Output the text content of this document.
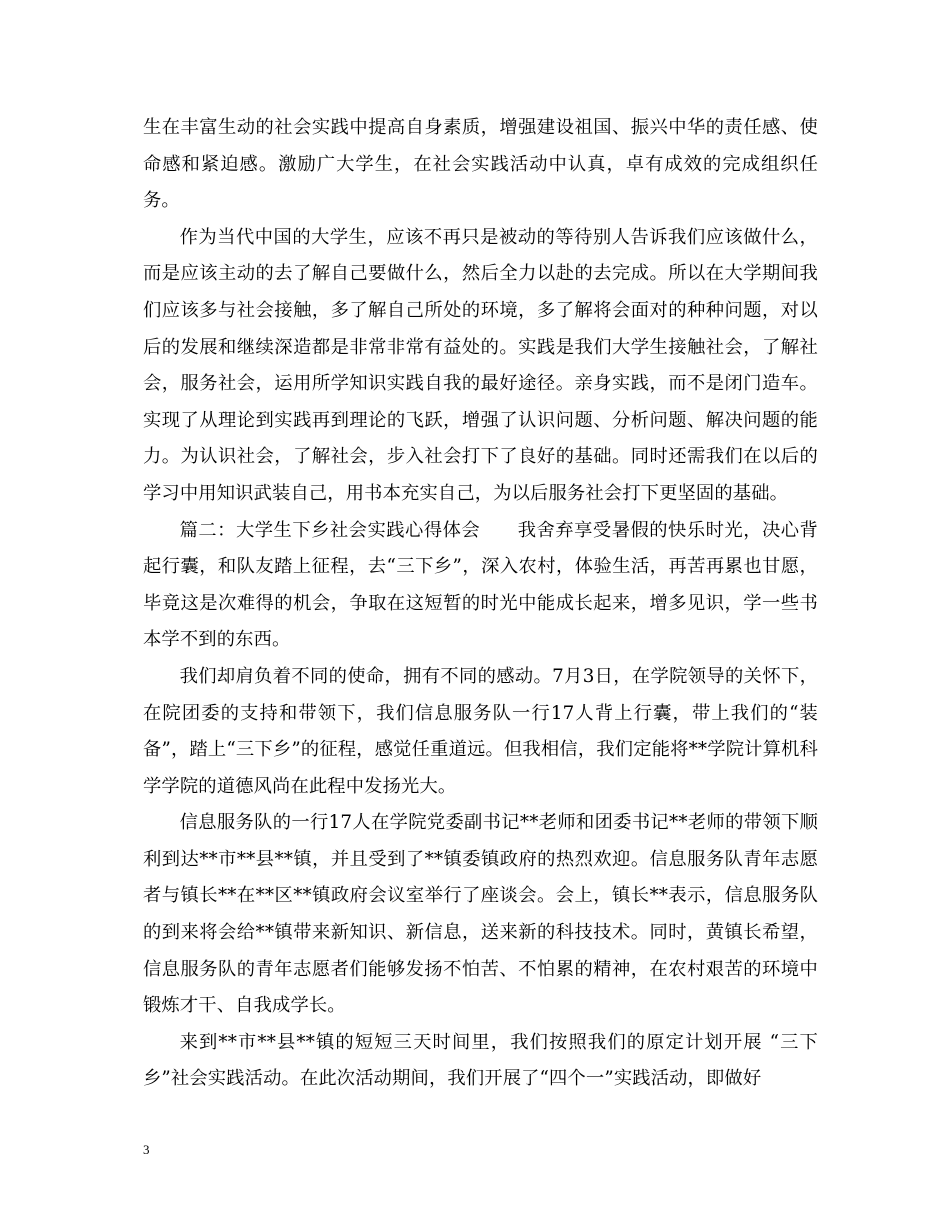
生在丰富生动的社会实践中提高自身素质，增强建设祖国、振兴中华的责任感、使命感和紧迫感。激励广大学生，在社会实践活动中认真，卓有成效的完成组织任务。

作为当代中国的大学生，应该不再只是被动的等待别人告诉我们应该做什么，而是应该主动的去了解自己要做什么，然后全力以赴的去完成。所以在大学期间我们应该多与社会接触，多了解自己所处的环境，多了解将会面对的种种问题，对以后的发展和继续深造都是非常非常有益处的。实践是我们大学生接触社会，了解社会，服务社会，运用所学知识实践自我的最好途径。亲身实践，而不是闭门造车。实现了从理论到实践再到理论的飞跃，增强了认识问题、分析问题、解决问题的能力。为认识社会，了解社会，步入社会打下了良好的基础。同时还需我们在以后的学习中用知识武装自己，用书本充实自己，为以后服务社会打下更坚固的基础。

篇二：大学生下乡社会实践心得体会　　我舍弃享受暑假的快乐时光，决心背起行囊，和队友踏上征程，去“三下乡”，深入农村，体验生活，再苦再累也甘愿，毕竟这是次难得的机会，争取在这短暂的时光中能成长起来，增多见识，学一些书本学不到的东西。

我们却肩负着不同的使命，拥有不同的感动。7月3日，在学院领导的关怀下，在院团委的支持和带领下，我们信息服务队一行17人背上行囊，带上我们的“装备”，踏上“三下乡”的征程，感觉任重道远。但我相信，我们定能将**学院计算机科学学院的道德风尚在此程中发扬光大。

信息服务队的一行17人在学院党委副书记**老师和团委书记**老师的带领下顺利到达**市**县**镇，并且受到了**镇委镇政府的热烈欢迎。信息服务队青年志愿者与镇长**在**区**镇政府会议室举行了座谈会。会上，镇长**表示，信息服务队的到来将会给**镇带来新知识、新信息，送来新的科技技术。同时，黄镇长希望，信息服务队的青年志愿者们能够发扬不怕苦、不怕累的精神，在农村艰苦的环境中锻炼才干、自我成学长。

来到**市**县**镇的短短三天时间里，我们按照我们的原定计划开展 “三下乡”社会实践活动。在此次活动期间，我们开展了“四个一”实践活动，即做好

3
